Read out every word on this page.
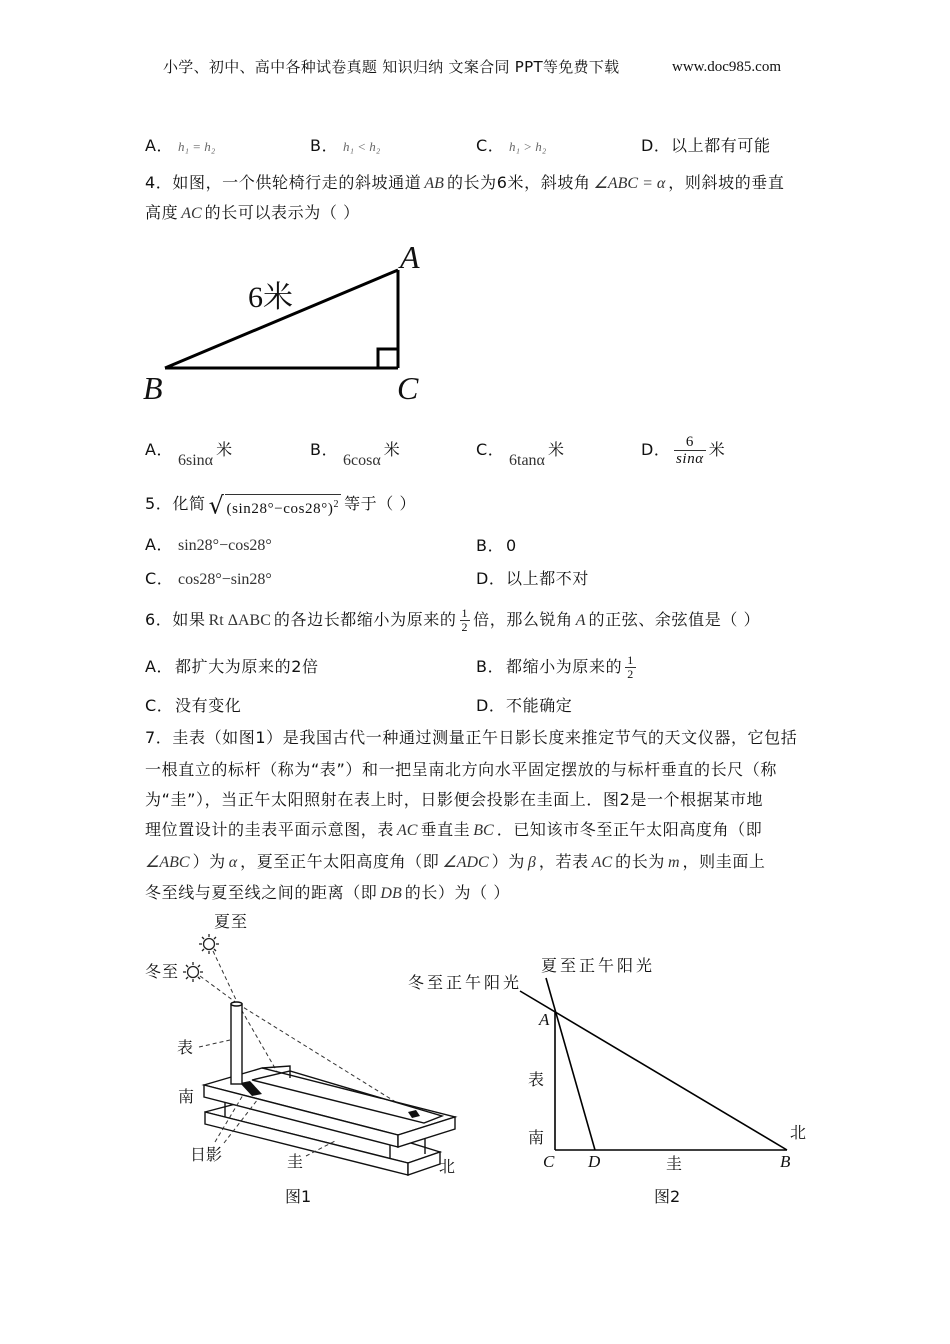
小学、初中、高中各种试卷真题 知识归纳 文案合同 PPT等免费下载	www.doc985.com
A． h₁ = h₂	B． h₁ < h₂	C． h₁ > h₂	D．以上都有可能
4．如图，一个供轮椅行走的斜坡通道 AB 的长为6米，斜坡角 ∠ABC = α ，则斜坡的垂直
高度 AC 的长可以表示为（ ）
A
B	C
6米
A．6sinα米	B．6cosα米	C．6tanα米	D． $\frac{6}{\sin\alpha}$ 米
5．化简 √ $(\sin 28^\circ-\cos 28^\circ)^2$ 等于（ ）
A． sin28°−cos28°	B． 0
C． cos28°−sin28°	D．以上都不对
6．如果 Rt ΔABC 的各边长都缩小为原来的 $\frac{1}{2}$ 倍，那么锐角 A 的正弦、余弦值是（ ）
A． 都扩大为原来的2倍	B． 都缩小为原来的 $\frac{1}{2}$
C． 没有变化	D．不能确定
7．圭表（如图1）是我国古代一种通过测量正午日影长度来推定节气的天文仪器，它包括
一根直立的标杆（称为“表”）和一把呈南北方向水平固定摆放的与标杆垂直的长尺（称
为“圭”），当正午太阳照射在表上时，日影便会投影在圭面上．图2是一个根据某市地
理位置设计的圭表平面示意图，表 AC 垂直圭 BC ．已知该市冬至正午太阳高度角（即
∠ABC ）为 α ，夏至正午太阳高度角（即 ∠ADC ）为 β ，若表 AC 的长为 m ，则圭面上
冬至线与夏至线之间的距离（即 DB 的长）为（ ）
夏至
冬至
表
南
日影	圭	北
图1
夏至正午阳光
冬至正午阳光
A
表
南
C D	圭	B
北
图2
